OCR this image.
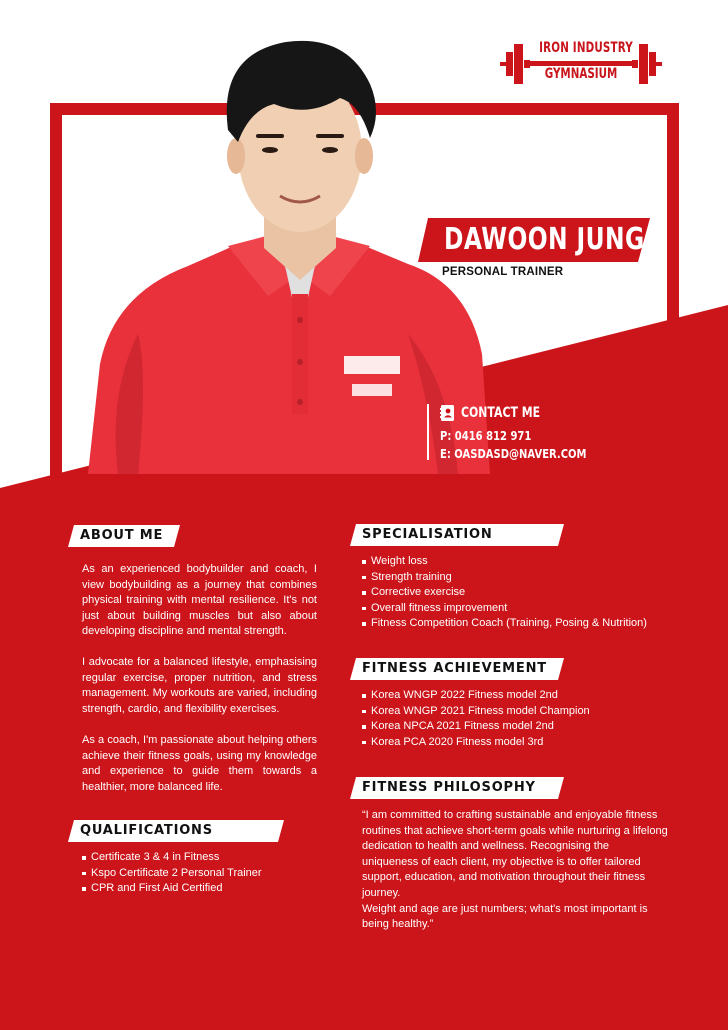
IRON INDUSTRY
GYMNASIUM
DAWOON JUNG
PERSONAL TRAINER
CONTACT ME
P: 0416 812 971
E: OASDASD@NAVER.COM
ABOUT ME
As an experienced bodybuilder and coach, I view bodybuilding as a journey that combines physical training with mental resilience. It's not just about building muscles but also about developing discipline and mental strength.
I advocate for a balanced lifestyle, emphasising regular exercise, proper nutrition, and stress management. My workouts are varied, including strength, cardio, and flexibility exercises.
As a coach, I'm passionate about helping others achieve their fitness goals, using my knowledge and experience to guide them towards a healthier, more balanced life.
QUALIFICATIONS
Certificate 3 & 4 in Fitness
Kspo Certificate 2 Personal Trainer
CPR and First Aid Certified
SPECIALISATION
Weight loss
Strength training
Corrective exercise
Overall fitness improvement
Fitness Competition Coach (Training, Posing & Nutrition)
FITNESS ACHIEVEMENT
Korea WNGP 2022 Fitness model 2nd
Korea WNGP 2021 Fitness model Champion
Korea NPCA 2021 Fitness model 2nd
Korea PCA 2020 Fitness model 3rd
FITNESS PHILOSOPHY
“I am committed to crafting sustainable and enjoyable fitness routines that achieve short-term goals while nurturing a lifelong dedication to health and wellness. Recognising the uniqueness of each client, my objective is to offer tailored support, education, and motivation throughout their fitness journey.
Weight and age are just numbers; what's most important is being healthy.”
